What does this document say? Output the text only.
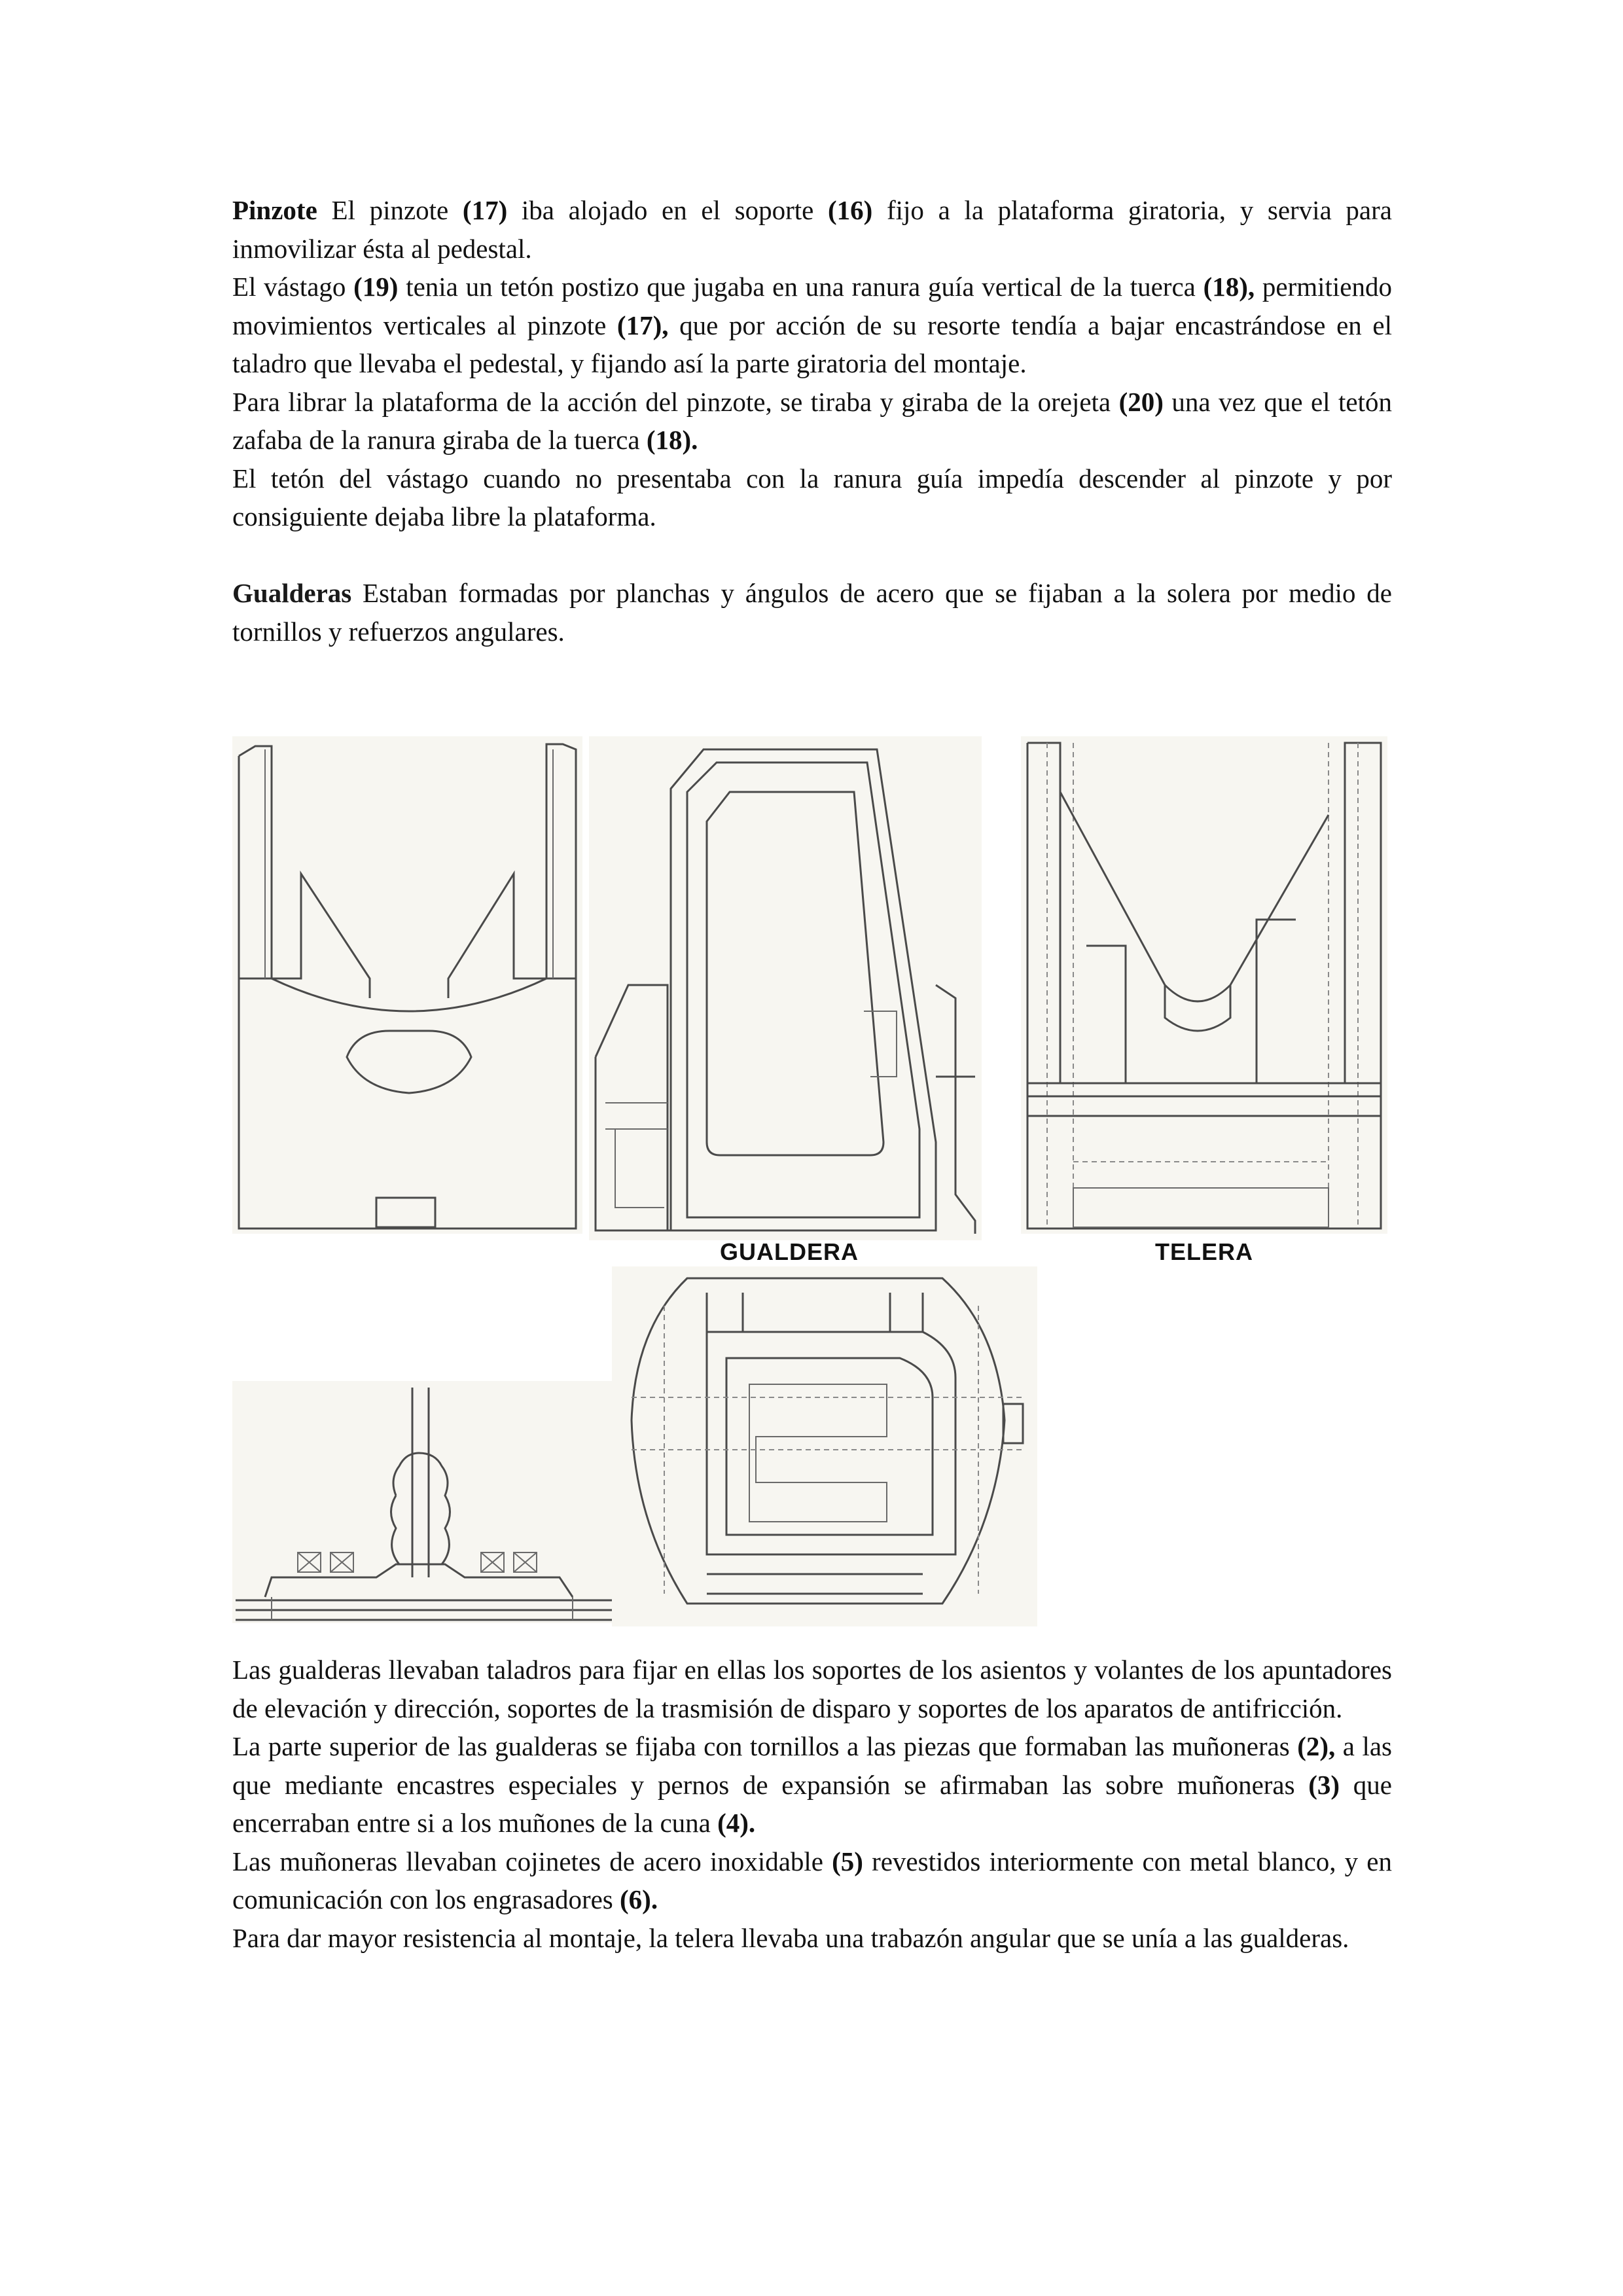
Pinzote El pinzote (17) iba alojado en el soporte (16) fijo a la plataforma giratoria, y servia para inmovilizar ésta al pedestal.

El vástago (19) tenia un tetón postizo que jugaba en una ranura guía vertical de la tuerca (18), permitiendo movimientos verticales al pinzote (17), que por acción de su resorte tendía a bajar encastrándose en el taladro que llevaba el pedestal, y fijando así la parte giratoria del montaje.

Para librar la plataforma de la acción del pinzote, se tiraba y giraba de la orejeta (20) una vez que el tetón zafaba de la ranura giraba de la tuerca (18).

El tetón del vástago cuando no presentaba con la ranura guía impedía descender al pinzote y por consiguiente dejaba libre la plataforma.

Gualderas Estaban formadas por planchas y ángulos de acero que se fijaban a la solera por medio de tornillos y refuerzos angulares.

GUALDERA	TELERA

Las gualderas llevaban taladros para fijar en ellas los soportes de los asientos y volantes de los apuntadores de elevación y dirección, soportes de la trasmisión de disparo y soportes de los aparatos de antifricción.

La parte superior de las gualderas se fijaba con tornillos a las piezas que formaban las muñoneras (2), a las que mediante encastres especiales y pernos de expansión se afirmaban las sobre muñoneras (3) que encerraban entre si a los muñones de la cuna (4).

Las muñoneras llevaban cojinetes de acero inoxidable (5) revestidos interiormente con metal blanco, y en comunicación con los engrasadores (6).

Para dar mayor resistencia al montaje, la telera llevaba una trabazón angular que se unía a las gualderas.
